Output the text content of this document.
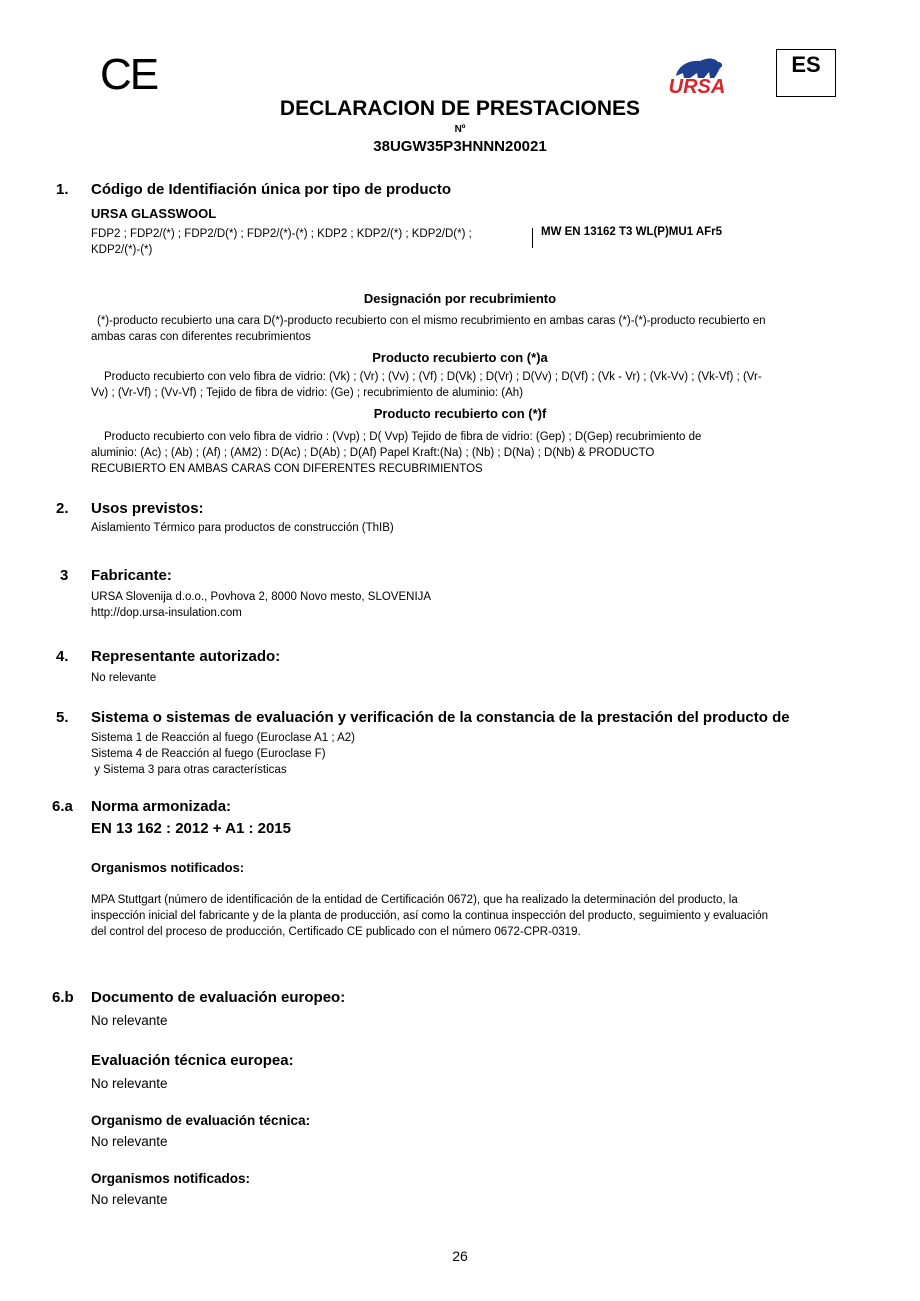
CE	URSA
ES
DECLARACION DE PRESTACIONES
Nº
38UGW35P3HNNN20021
1. Código de Identifiación única por tipo de producto
URSA GLASSWOOL
FDP2 ; FDP2/(*) ; FDP2/D(*) ; FDP2/(*)-(*) ; KDP2 ; KDP2/(*) ; KDP2/D(*) ;
KDP2/(*)-(*)
MW EN 13162 T3 WL(P)MU1 AFr5
Designación por recubrimiento
(*)-producto recubierto una cara D(*)-producto recubierto con el mismo recubrimiento en ambas caras (*)-(*)-producto recubierto en
ambas caras con diferentes recubrimientos
Producto recubierto con (*)a
Producto recubierto con velo fibra de vidrio: (Vk) ; (Vr) ; (Vv) ; (Vf) ; D(Vk) ; D(Vr) ; D(Vv) ; D(Vf) ; (Vk - Vr) ; (Vk-Vv) ; (Vk-Vf) ; (Vr-
Vv) ; (Vr-Vf) ; (Vv-Vf) ; Tejido de fibra de vidrio: (Ge) ; recubrimiento de aluminio: (Ah)
Producto recubierto con (*)f
Producto recubierto con velo fibra de vidrio : (Vvp) ; D( Vvp) Tejido de fibra de vidrio: (Gep) ; D(Gep) recubrimiento de
aluminio: (Ac) ; (Ab) ; (Af) ; (AM2) : D(Ac) ; D(Ab) ; D(Af) Papel Kraft:(Na) ; (Nb) ; D(Na) ; D(Nb) & PRODUCTO
RECUBIERTO EN AMBAS CARAS CON DIFERENTES RECUBRIMIENTOS
2. Usos previstos:
Aislamiento Térmico para productos de construcción (ThIB)
3 Fabricante:
URSA Slovenija d.o.o., Povhova 2, 8000 Novo mesto, SLOVENIJA
http://dop.ursa-insulation.com
4. Representante autorizado:
No relevante
5. Sistema o sistemas de evaluación y verificación de la constancia de la prestación del producto de
Sistema 1 de Reacción al fuego (Euroclase A1 ; A2)
Sistema 4 de Reacción al fuego (Euroclase F)
y Sistema 3 para otras características
6.a Norma armonizada:
EN 13 162 : 2012 + A1 : 2015
Organismos notificados:
MPA Stuttgart (número de identificación de la entidad de Certificación 0672), que ha realizado la determinación del producto, la
inspección inicial del fabricante y de la planta de producción, así como la continua inspección del producto, seguimiento y evaluación
del control del proceso de producción, Certificado CE publicado con el número 0672-CPR-0319.
6.b Documento de evaluación europeo:
No relevante
Evaluación técnica europea:
No relevante
Organismo de evaluación técnica:
No relevante
Organismos notificados:
No relevante
26
